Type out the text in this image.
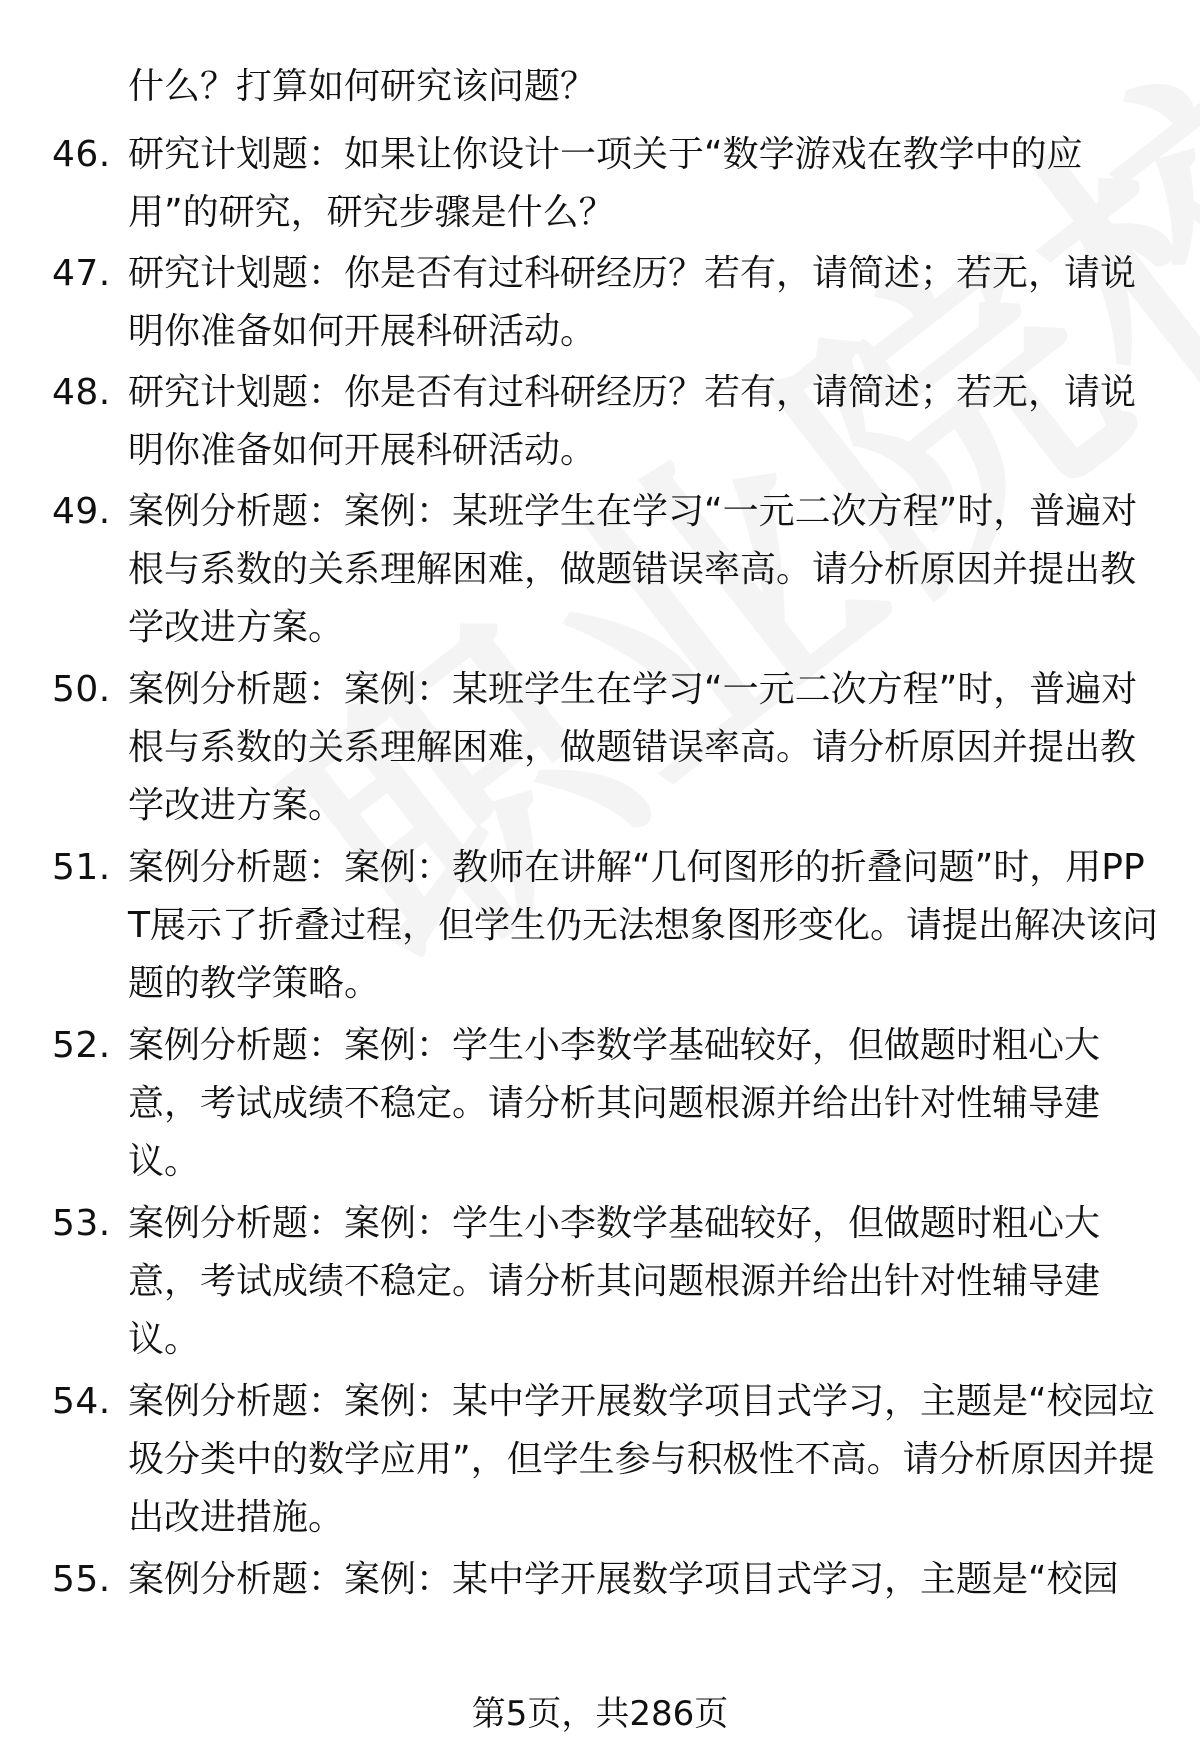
什么？打算如何研究该问题？
46. 研究计划题：如果让你设计一项关于“数学游戏在教学中的应用”的研究，研究步骤是什么？
47. 研究计划题：你是否有过科研经历？若有，请简述；若无，请说明你准备如何开展科研活动。
48. 研究计划题：你是否有过科研经历？若有，请简述；若无，请说明你准备如何开展科研活动。
49. 案例分析题：案例：某班学生在学习“一元二次方程”时，普遍对根与系数的关系理解困难，做题错误率高。请分析原因并提出教学改进方案。
50. 案例分析题：案例：某班学生在学习“一元二次方程”时，普遍对根与系数的关系理解困难，做题错误率高。请分析原因并提出教学改进方案。
51. 案例分析题：案例：教师在讲解“几何图形的折叠问题”时，用PPT展示了折叠过程，但学生仍无法想象图形变化。请提出解决该问题的教学策略。
52. 案例分析题：案例：学生小李数学基础较好，但做题时粗心大意，考试成绩不稳定。请分析其问题根源并给出针对性辅导建议。
53. 案例分析题：案例：学生小李数学基础较好，但做题时粗心大意，考试成绩不稳定。请分析其问题根源并给出针对性辅导建议。
54. 案例分析题：案例：某中学开展数学项目式学习，主题是“校园垃圾分类中的数学应用”，但学生参与积极性不高。请分析原因并提出改进措施。
55. 案例分析题：案例：某中学开展数学项目式学习，主题是“校园
第5页，共286页
